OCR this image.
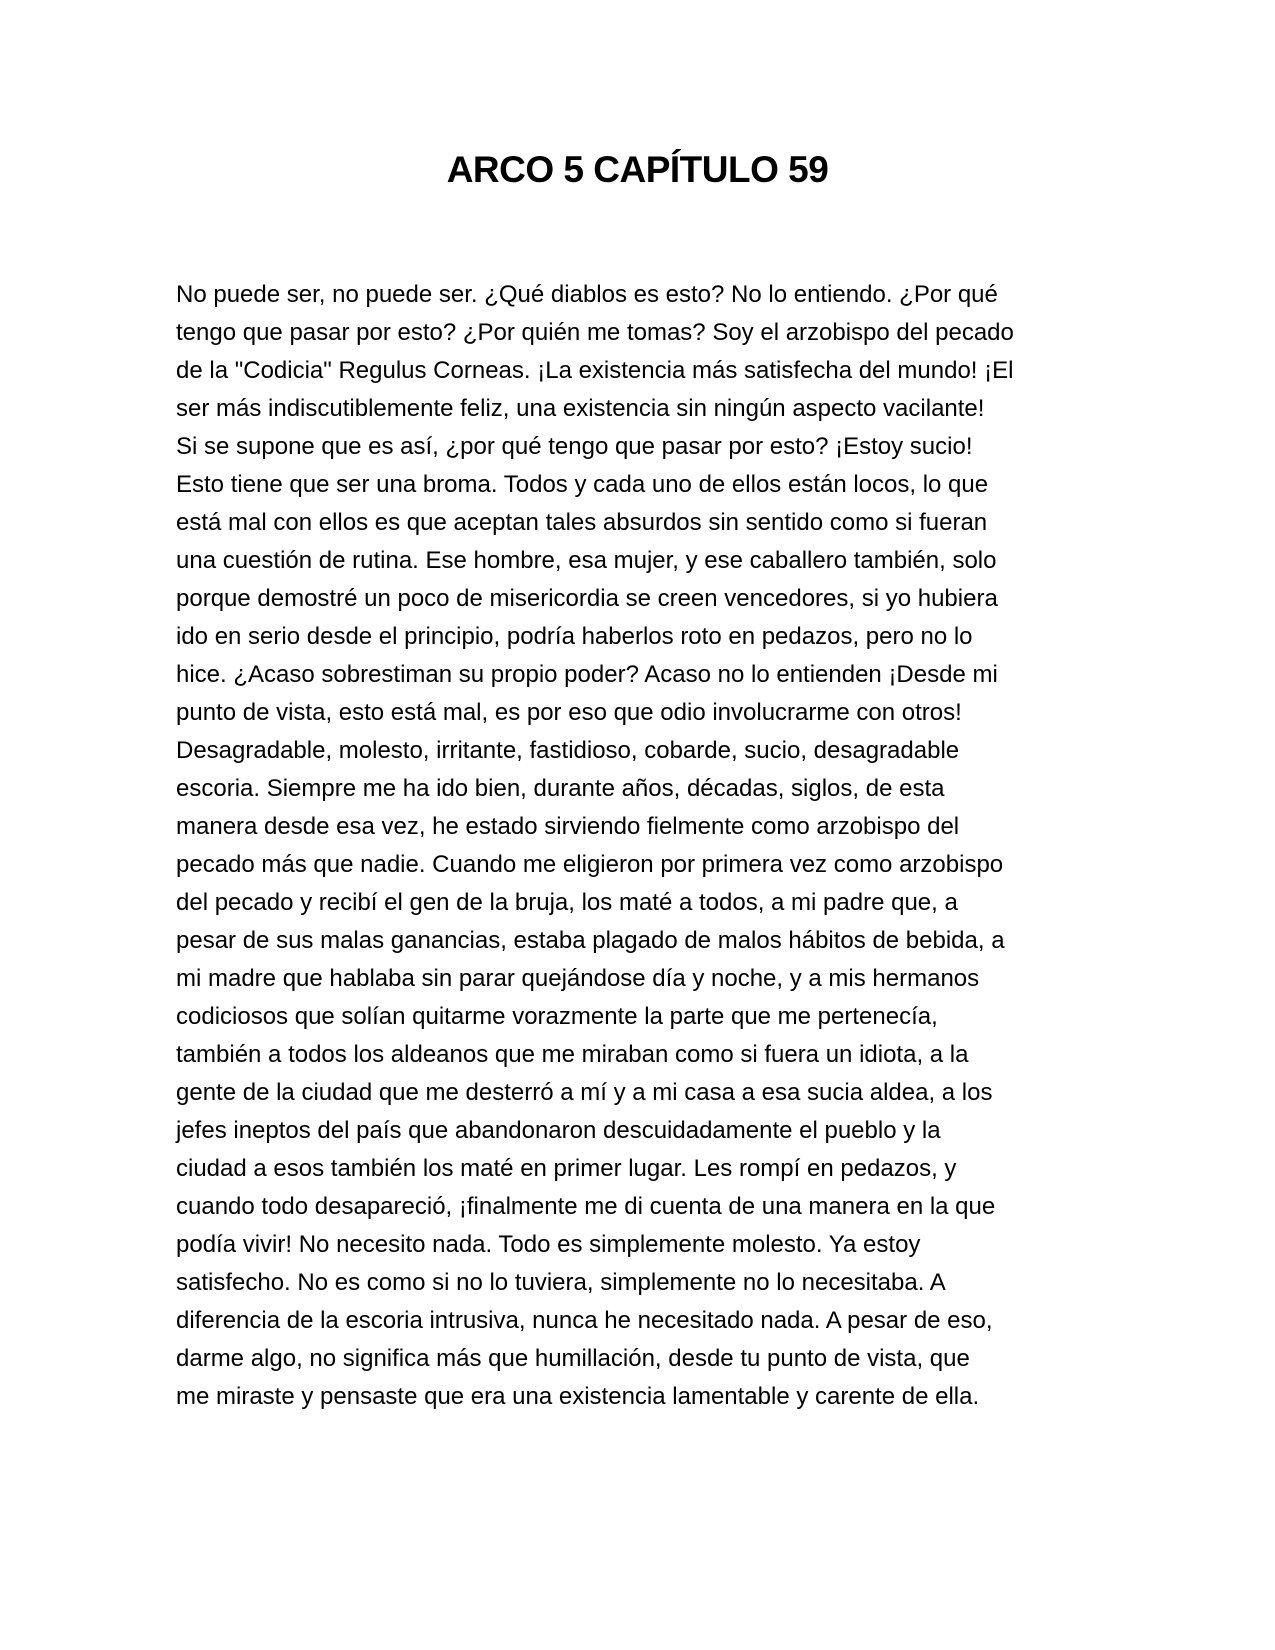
ARCO 5 CAPÍTULO 59
No puede ser, no puede ser. ¿Qué diablos es esto? No lo entiendo. ¿Por qué
tengo que pasar por esto? ¿Por quién me tomas? Soy el arzobispo del pecado
de la "Codicia" Regulus Corneas. ¡La existencia más satisfecha del mundo! ¡El
ser más indiscutiblemente feliz, una existencia sin ningún aspecto vacilante!
Si se supone que es así, ¿por qué tengo que pasar por esto? ¡Estoy sucio!
Esto tiene que ser una broma. Todos y cada uno de ellos están locos, lo que
está mal con ellos es que aceptan tales absurdos sin sentido como si fueran
una cuestión de rutina. Ese hombre, esa mujer, y ese caballero también, solo
porque demostré un poco de misericordia se creen vencedores, si yo hubiera
ido en serio desde el principio, podría haberlos roto en pedazos, pero no lo
hice. ¿Acaso sobrestiman su propio poder? Acaso no lo entienden ¡Desde mi
punto de vista, esto está mal, es por eso que odio involucrarme con otros!
Desagradable, molesto, irritante, fastidioso, cobarde, sucio, desagradable
escoria. Siempre me ha ido bien, durante años, décadas, siglos, de esta
manera desde esa vez, he estado sirviendo fielmente como arzobispo del
pecado más que nadie. Cuando me eligieron por primera vez como arzobispo
del pecado y recibí el gen de la bruja, los maté a todos, a mi padre que, a
pesar de sus malas ganancias, estaba plagado de malos hábitos de bebida, a
mi madre que hablaba sin parar quejándose día y noche, y a mis hermanos
codiciosos que solían quitarme vorazmente la parte que me pertenecía,
también a todos los aldeanos que me miraban como si fuera un idiota, a la
gente de la ciudad que me desterró a mí y a mi casa a esa sucia aldea, a los
jefes ineptos del país que abandonaron descuidadamente el pueblo y la
ciudad a esos también los maté en primer lugar. Les rompí en pedazos, y
cuando todo desapareció, ¡finalmente me di cuenta de una manera en la que
podía vivir! No necesito nada. Todo es simplemente molesto. Ya estoy
satisfecho. No es como si no lo tuviera, simplemente no lo necesitaba. A
diferencia de la escoria intrusiva, nunca he necesitado nada. A pesar de eso,
darme algo, no significa más que humillación, desde tu punto de vista, que
me miraste y pensaste que era una existencia lamentable y carente de ella.
